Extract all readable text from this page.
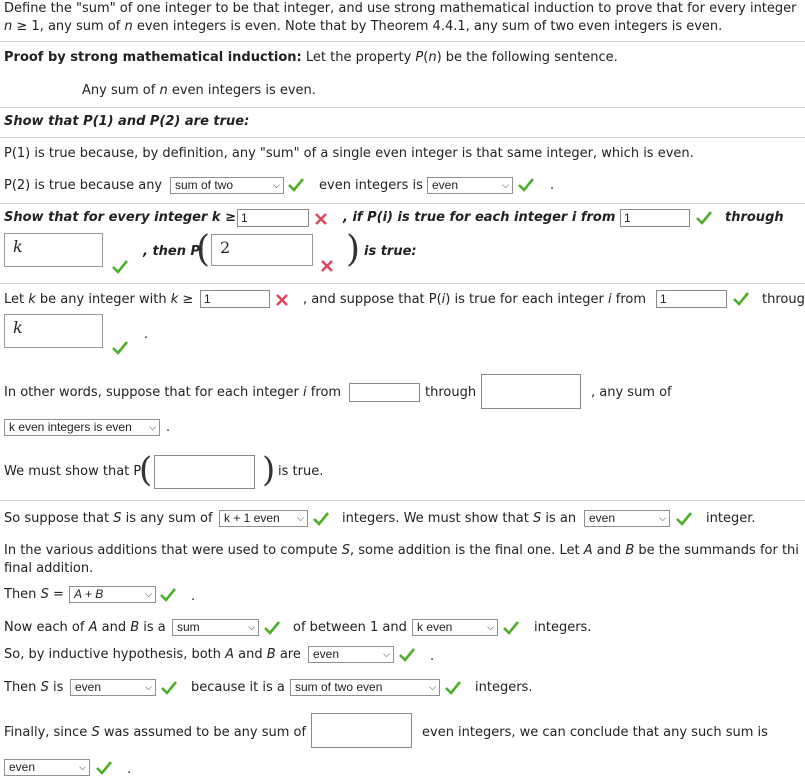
Define the "sum" of one integer to be that integer, and use strong mathematical induction to prove that for every integer
n ≥ 1, any sum of n even integers is even. Note that by Theorem 4.4.1, any sum of two even integers is even.
Proof by strong mathematical induction: Let the property P(n) be the following sentence.
Any sum of n even integers is even.
Show that P(1) and P(2) are true:
P(1) is true because, by definition, any "sum" of a single even integer is that same integer, which is even.
P(2) is true because any	sum of two	⌵	even integers is even	⌵	.
Show that for every integer k ≥ 1	, if P(i) is true for each integer i from 1	through
k	, then P
( 2	) is true:
Let k be any integer with k ≥ 1	, and suppose that P(i) is true for each integer i from	1	throug
k	.
In other words, suppose that for each integer i from	through	, any sum of
k even integers is even ⌵ .
We must show that P
(	) is true.
So suppose that S is any sum of k + 1 even ⌵	integers. We must show that S is an	even	⌵	integer.
In the various additions that were used to compute S, some addition is the final one. Let A and B be the summands for thi
final addition.
Then S = A + B	⌵	.
Now each of A and B is a sum	⌵	of between 1 and k even	⌵	integers.
So, by inductive hypothesis, both A and B are	even	⌵	.
Then S is even	⌵	because it is a sum of two even	⌵	integers.
Finally, since S was assumed to be any sum of	even integers, we can conclude that any such sum is
even	⌵	.
